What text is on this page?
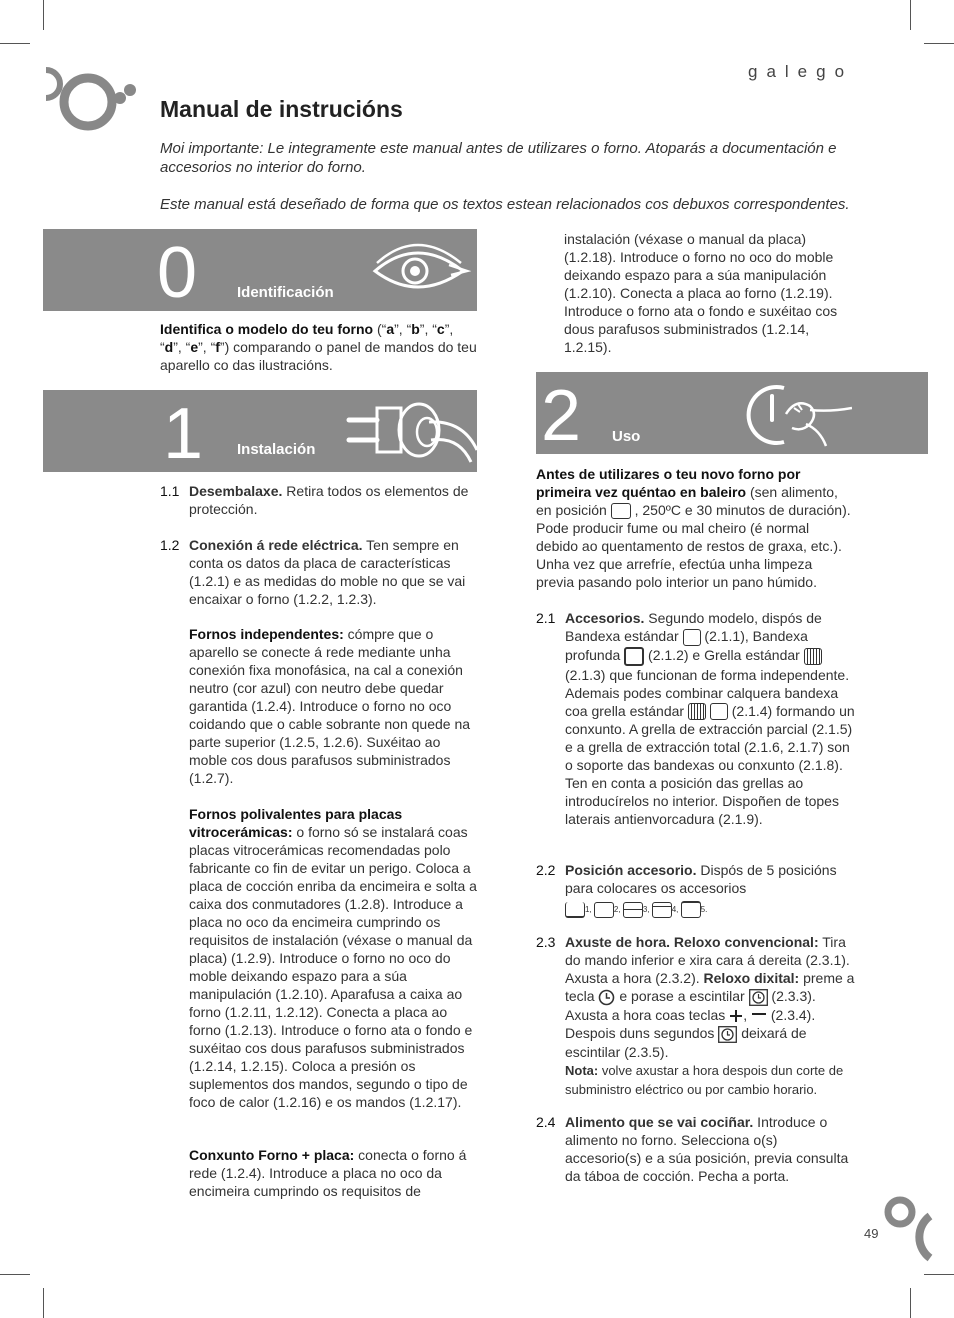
galego
Manual de instrucións

Moi importante: Le integramente este manual antes de utilizares o forno. Atoparás a documentación e accesorios no interior do forno.

Este manual está deseñado de forma que os textos estean relacionados cos debuxos correspondentes.

0	Identificación

Identifica o modelo do teu forno (“a”, “b”, “c”,
“d”, “e”, “f”) comparando o panel de mandos do teu aparello co das ilustracións.

1 Instalación
1.1 Desembalaxe. Retira todos os elementos de protección.

1.2 Conexión á rede eléctrica. Ten sempre en conta os datos da placa de características (1.2.1) e as medidas do moble no que se vai encaixar o forno (1.2.2, 1.2.3).

Fornos independentes: cómpre que o aparello se conecte á rede mediante unha conexión fixa monofásica, na cal a conexión neutro (cor azul) con neutro debe quedar garantida (1.2.4). Introduce o forno no oco coidando que o cable sobrante non quede na parte superior (1.2.5, 1.2.6). Suxéitao ao moble cos dous parafusos subministrados (1.2.7).

Fornos polivalentes para placas vitrocerámicas: o forno só se instalará coas placas vitrocerámicas recomendadas polo fabricante co fin de evitar un perigo. Coloca a placa de cocción enriba da encimeira e solta a caixa dos conmutadores (1.2.8). Introduce a placa no oco da encimeira cumprindo os requisitos de instalación (véxase o manual da placa) (1.2.9). Introduce o forno no oco do moble deixando espazo para a súa manipulación (1.2.10). Aparafusa a caixa ao forno (1.2.11, 1.2.12). Conecta a placa ao forno (1.2.13). Introduce o forno ata o fondo e suxéitao cos dous parafusos subministrados (1.2.14, 1.2.15). Coloca a presión os suplementos dos mandos, segundo o tipo de foco de calor (1.2.16) e os mandos (1.2.17).

Conxunto Forno + placa: conecta o forno á rede (1.2.4). Introduce a placa no oco da encimeira cumprindo os requisitos de

instalación (véxase o manual da placa) (1.2.18). Introduce o forno no oco do moble deixando espazo para a súa manipulación (1.2.10). Conecta a placa ao forno (1.2.19). Introduce o forno ata o fondo e suxéitao cos dous parafusos subministrados (1.2.14, 1.2.15).

2 Uso

Antes de utilizares o teu novo forno por primeira vez quéntao en baleiro (sen alimento, en posición  , 250ºC e 30 minutos de duración). Pode producir fume ou mal cheiro (é normal debido ao quentamento de restos de graxa, etc.). Unha vez que arrefríe, efectúa unha limpeza previa pasando polo interior un pano húmido.

2.1 Accesorios. Segundo modelo, dispós de Bandexa estándar  (2.1.1), Bandexa profunda  (2.1.2) e Grella estándar  (2.1.3) que funcionan de forma independente. Ademais podes combinar calquera bandexa coa grella estándar	(2.1.4) formando un conxunto. A grella de extracción parcial (2.1.5) e a grella de extracción total (2.1.6, 2.1.7) son o soporte das bandexas ou conxunto (2.1.8). Ten en conta a posición das grellas ao introducírelos no interior. Dispoñen de topes laterais antienvorcadura (2.1.9).

2.2 Posición accesorio. Dispós de 5 posicións para colocares os accesorios

1,	2,	3,	4,	5.
2.3 Axuste de hora. Reloxo convencional: Tira do mando inferior e xira cara á dereita (2.3.1). Axusta a hora (2.3.2). Reloxo dixital: preme a tecla  e porase a escintilar  (2.3.3). Axusta a hora coas teclas ,  (2.3.4). Despois duns segundos  deixará de escintilar (2.3.5).
Nota: volve axustar a hora despois dun corte de subministro eléctrico ou por cambio horario.

2.4 Alimento que se vai cociñar. Introduce o alimento no forno. Selecciona o(s) accesorio(s) e a súa posición, previa consulta da táboa de cocción. Pecha a porta.

49
